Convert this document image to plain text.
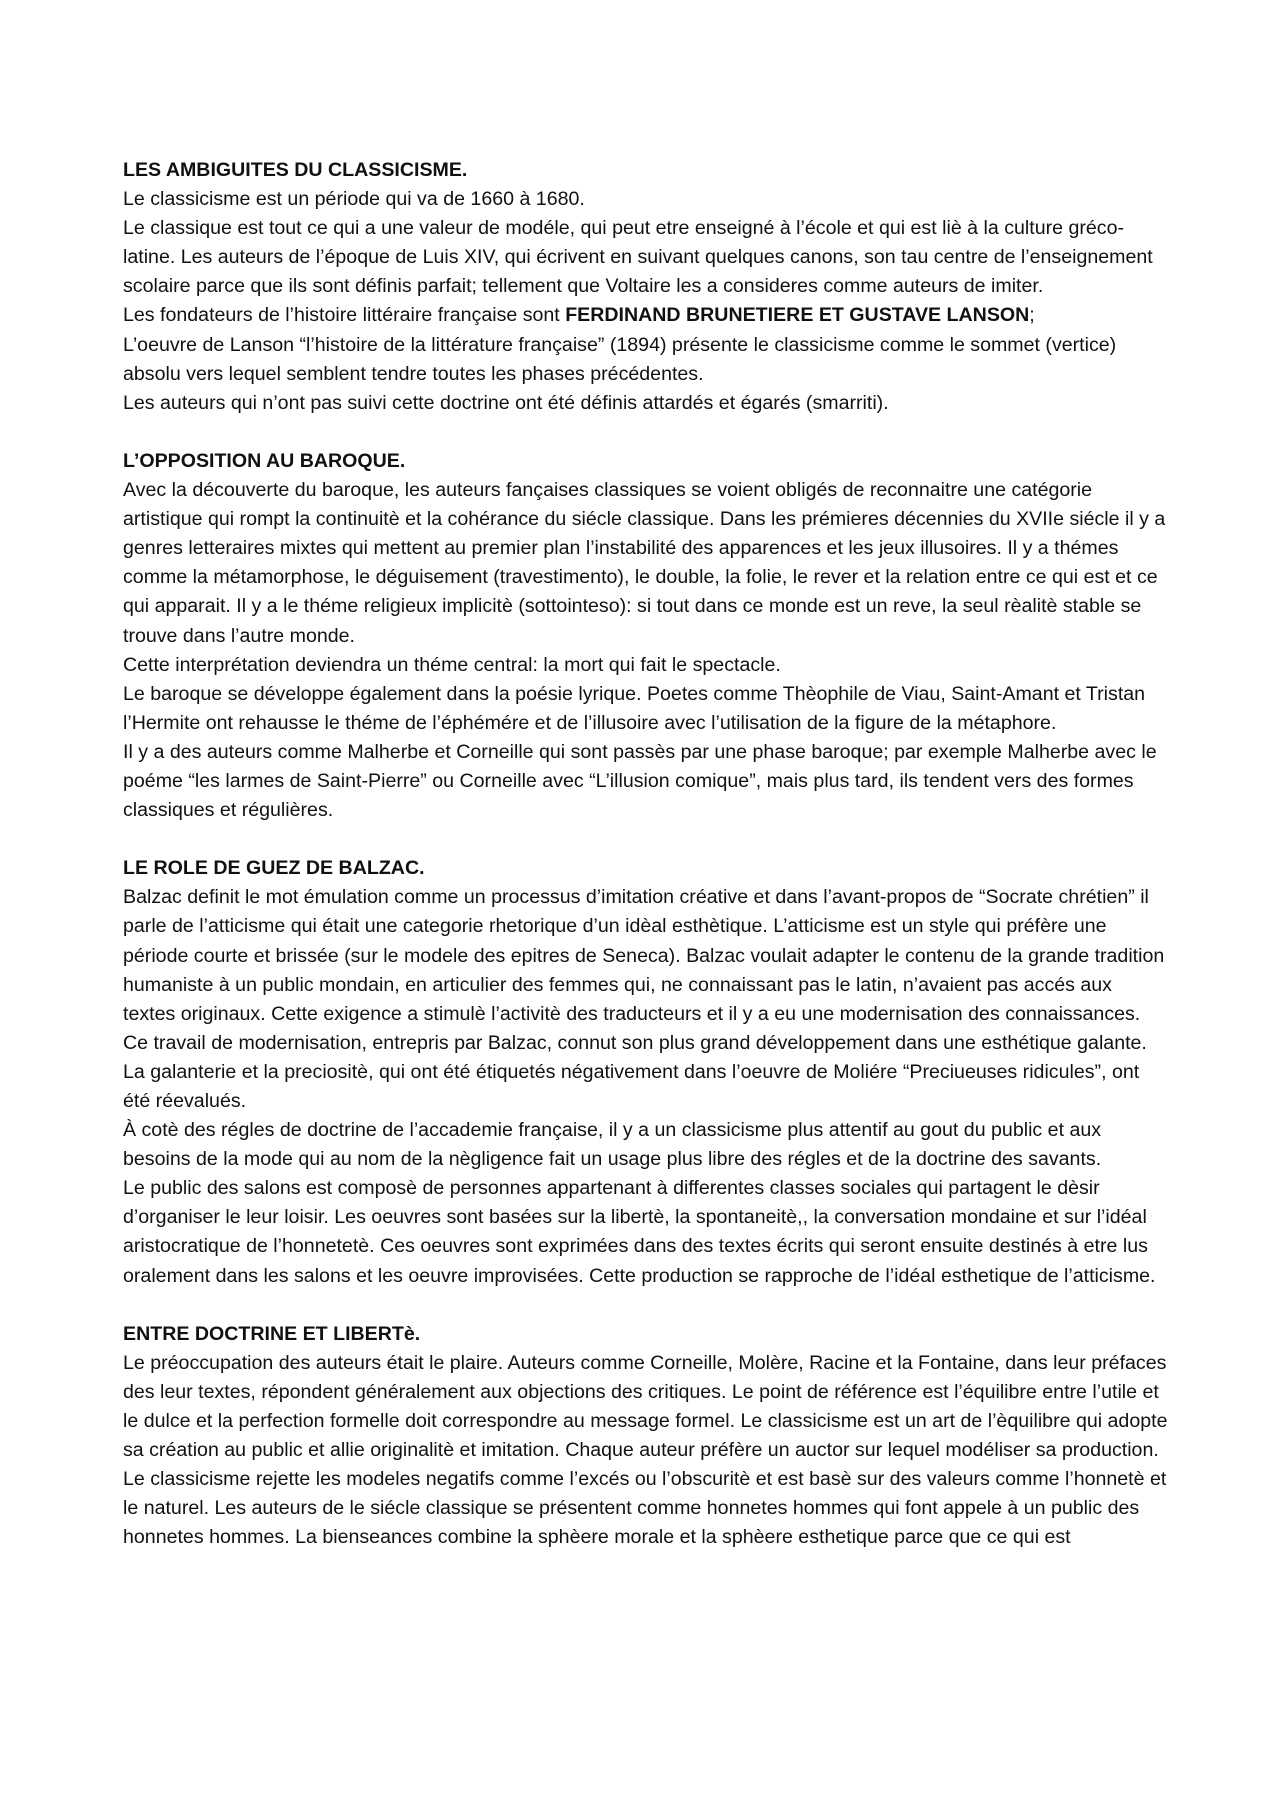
LES AMBIGUITES DU CLASSICISME.

Le classicisme est un période qui va de 1660 à 1680.

Le classique est tout ce qui a une valeur de modéle, qui peut etre enseigné à l’école et qui est liè à la culture gréco-latine. Les auteurs de l’époque de Luis XIV, qui écrivent en suivant quelques canons, son tau centre de l’enseignement scolaire parce que ils sont définis parfait; tellement que Voltaire les a consideres comme auteurs de imiter.

Les fondateurs de l’histoire littéraire française sont FERDINAND BRUNETIERE ET GUSTAVE LANSON;

L’oeuvre de Lanson “l’histoire de la littérature française” (1894) présente le classicisme comme le sommet (vertice) absolu vers lequel semblent tendre toutes les phases précédentes.

Les auteurs qui n’ont pas suivi cette doctrine ont été définis attardés et égarés (smarriti).

L’OPPOSITION AU BAROQUE.

Avec la découverte du baroque, les auteurs fançaises classiques se voient obligés de reconnaitre une catégorie artistique qui rompt la continuitè et la cohérance du siécle classique. Dans les prémieres décennies du XVIIe siécle il y a genres letteraires mixtes qui mettent au premier plan l’instabilité des apparences et les jeux illusoires. Il y a thémes comme la métamorphose, le déguisement (travestimento), le double, la folie, le rever et la relation entre ce qui est et ce qui apparait. Il y a le théme religieux implicitè (sottointeso): si tout dans ce monde est un reve, la seul rèalitè stable se trouve dans l’autre monde.

Cette interprétation deviendra un théme central: la mort qui fait le spectacle.

Le baroque se développe également dans la poésie lyrique. Poetes comme Thèophile de Viau, Saint-Amant et Tristan l’Hermite ont rehausse le théme de l’éphémére et de l’illusoire avec l’utilisation de la figure de la métaphore.

Il y a des auteurs comme Malherbe et Corneille qui sont passès par une phase baroque; par exemple Malherbe avec le poéme “les larmes de Saint-Pierre” ou Corneille avec “L’illusion comique”, mais plus tard, ils tendent vers des formes classiques et régulières.

LE ROLE DE GUEZ DE BALZAC.

Balzac definit le mot émulation comme un processus d’imitation créative et dans l’avant-propos de “Socrate chrétien” il parle de l’atticisme qui était une categorie rhetorique d’un idèal esthètique. L’atticisme est un style qui préfère une période courte et brissée (sur le modele des epitres de Seneca). Balzac voulait adapter le contenu de la grande tradition humaniste à un public mondain, en articulier des femmes qui, ne connaissant pas le latin, n’avaient pas accés aux textes originaux. Cette exigence a stimulè l’activitè des traducteurs et il y a eu une modernisation des connaissances. Ce travail de modernisation, entrepris par Balzac, connut son plus grand développement dans une esthétique galante. La galanterie et la preciositè, qui ont été étiquetés négativement dans l’oeuvre de Moliére “Preciueuses ridicules”, ont été réevalués.

À cotè des régles de doctrine de l’accademie française, il y a un classicisme plus attentif au gout du public et aux besoins de la mode qui au nom de la nègligence fait un usage plus libre des régles et de la doctrine des savants.

Le public des salons est composè de personnes appartenant à differentes classes sociales qui partagent le dèsir d’organiser le leur loisir. Les oeuvres sont basées sur la libertè, la spontaneitè,, la conversation mondaine et sur l’idéal aristocratique de l’honnetetè. Ces oeuvres sont exprimées dans des textes écrits qui seront ensuite destinés à etre lus oralement dans les salons et les oeuvre improvisées. Cette production se rapproche de l’idéal esthetique de l’atticisme.

ENTRE DOCTRINE ET LIBERTè.

Le préoccupation des auteurs était le plaire. Auteurs comme Corneille, Molère, Racine et la Fontaine, dans leur préfaces des leur textes, répondent généralement aux objections des critiques. Le point de référence est l’équilibre entre l’utile et le dulce et la perfection formelle doit correspondre au message formel. Le classicisme est un art de l’èquilibre qui adopte sa création au public et allie originalitè et imitation. Chaque auteur préfère un auctor sur lequel modéliser sa production. Le classicisme rejette les modeles negatifs comme l’excés ou l’obscuritè et est basè sur des valeurs comme l’honnetè et le naturel. Les auteurs de le siécle classique se présentent comme honnetes hommes qui font appele à un public des honnetes hommes. La bienseances combine la sphèere morale et la sphèere esthetique parce que ce qui est
